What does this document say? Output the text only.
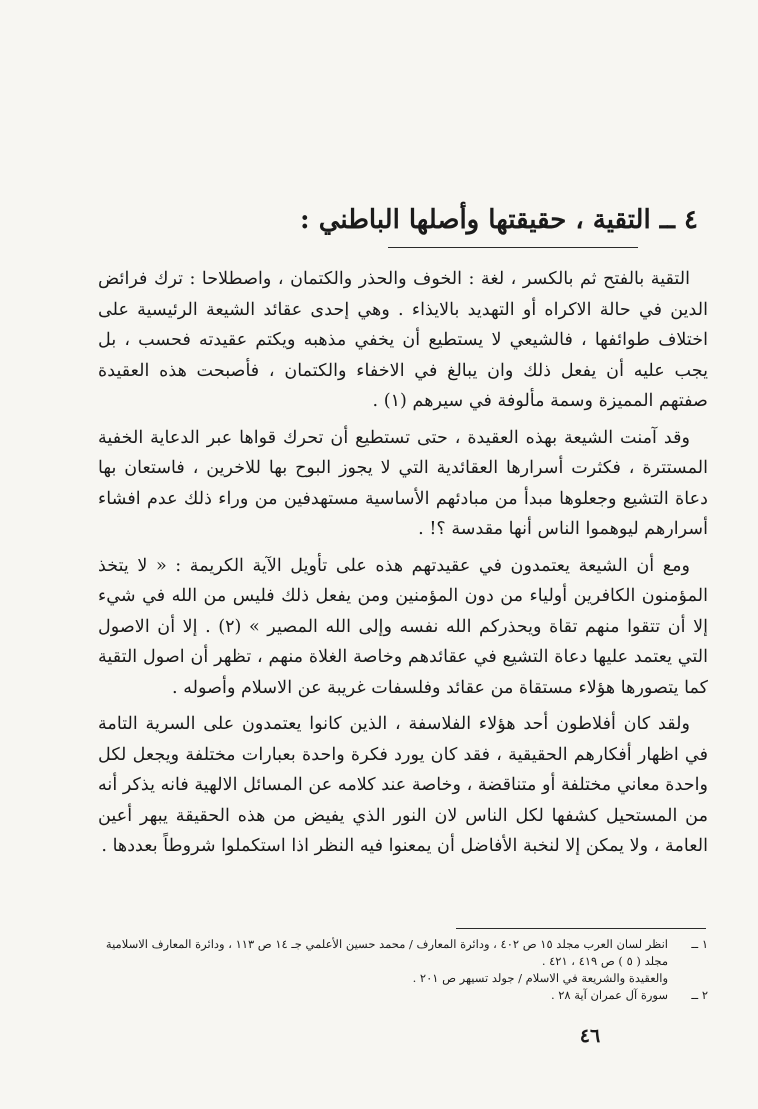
٤ ــ التقية ، حقيقتها وأصلها الباطني :

التقية بالفتح ثم بالكسر ، لغة : الخوف والحذر والكتمان ، واصطلاحا : ترك فرائض الدين في حالة الاكراه أو التهديد بالايذاء . وهي إحدى عقائد الشيعة الرئيسية على اختلاف طوائفها ، فالشيعي لا يستطيع أن يخفي مذهبه ويكتم عقيدته فحسب ، بل يجب عليه أن يفعل ذلك وان يبالغ في الاخفاء والكتمان ، فأصبحت هذه العقيدة صفتهم المميزة وسمة مألوفة في سيرهم (١) .

وقد آمنت الشيعة بهذه العقيدة ، حتى تستطيع أن تحرك قواها عبر الدعاية الخفية المستترة ، فكثرت أسرارها العقائدية التي لا يجوز البوح بها للاخرين ، فاستعان بها دعاة التشيع وجعلوها مبدأ من مبادئهم الأساسية مستهدفين من وراء ذلك عدم افشاء أسرارهم ليوهموا الناس أنها مقدسة ؟! .

ومع أن الشيعة يعتمدون في عقيدتهم هذه على تأويل الآية الكريمة : « لا يتخذ المؤمنون الكافرين أولياء من دون المؤمنين ومن يفعل ذلك فليس من الله في شيء إلا أن تتقوا منهم تقاة ويحذركم الله نفسه وإلى الله المصير » (٢) . إلا أن الاصول التي يعتمد عليها دعاة التشيع في عقائدهم وخاصة الغلاة منهم ، تظهر أن اصول التقية كما يتصورها هؤلاء مستقاة من عقائد وفلسفات غريبة عن الاسلام وأصوله .

ولقد كان أفلاطون أحد هؤلاء الفلاسفة ، الذين كانوا يعتمدون على السرية التامة في اظهار أفكارهم الحقيقية ، فقد كان يورد فكرة واحدة بعبارات مختلفة ويجعل لكل واحدة معاني مختلفة أو متناقضة ، وخاصة عند كلامه عن المسائل الالهية فانه يذكر أنه من المستحيل كشفها لكل الناس لان النور الذي يفيض من هذه الحقيقة يبهر أعين العامة ، ولا يمكن إلا لنخبة الأفاضل أن يمعنوا فيه النظر اذا استكملوا شروطاً بعددها .

١ ــ
انظر لسان العرب مجلد ١٥ ص ٤٠٢ ، ودائرة المعارف / محمد حسين الأعلمي جـ ١٤ ص ١١٣ ، ودائرة المعارف الاسلامية مجلد ( ٥ ) ص ٤١٩ ، ٤٢١ .
والعقيدة والشريعة في الاسلام / جولد تسيهر ص ٢٠١ .
٢ ــ
سورة آل عمران آية ٢٨ .
٤٦
